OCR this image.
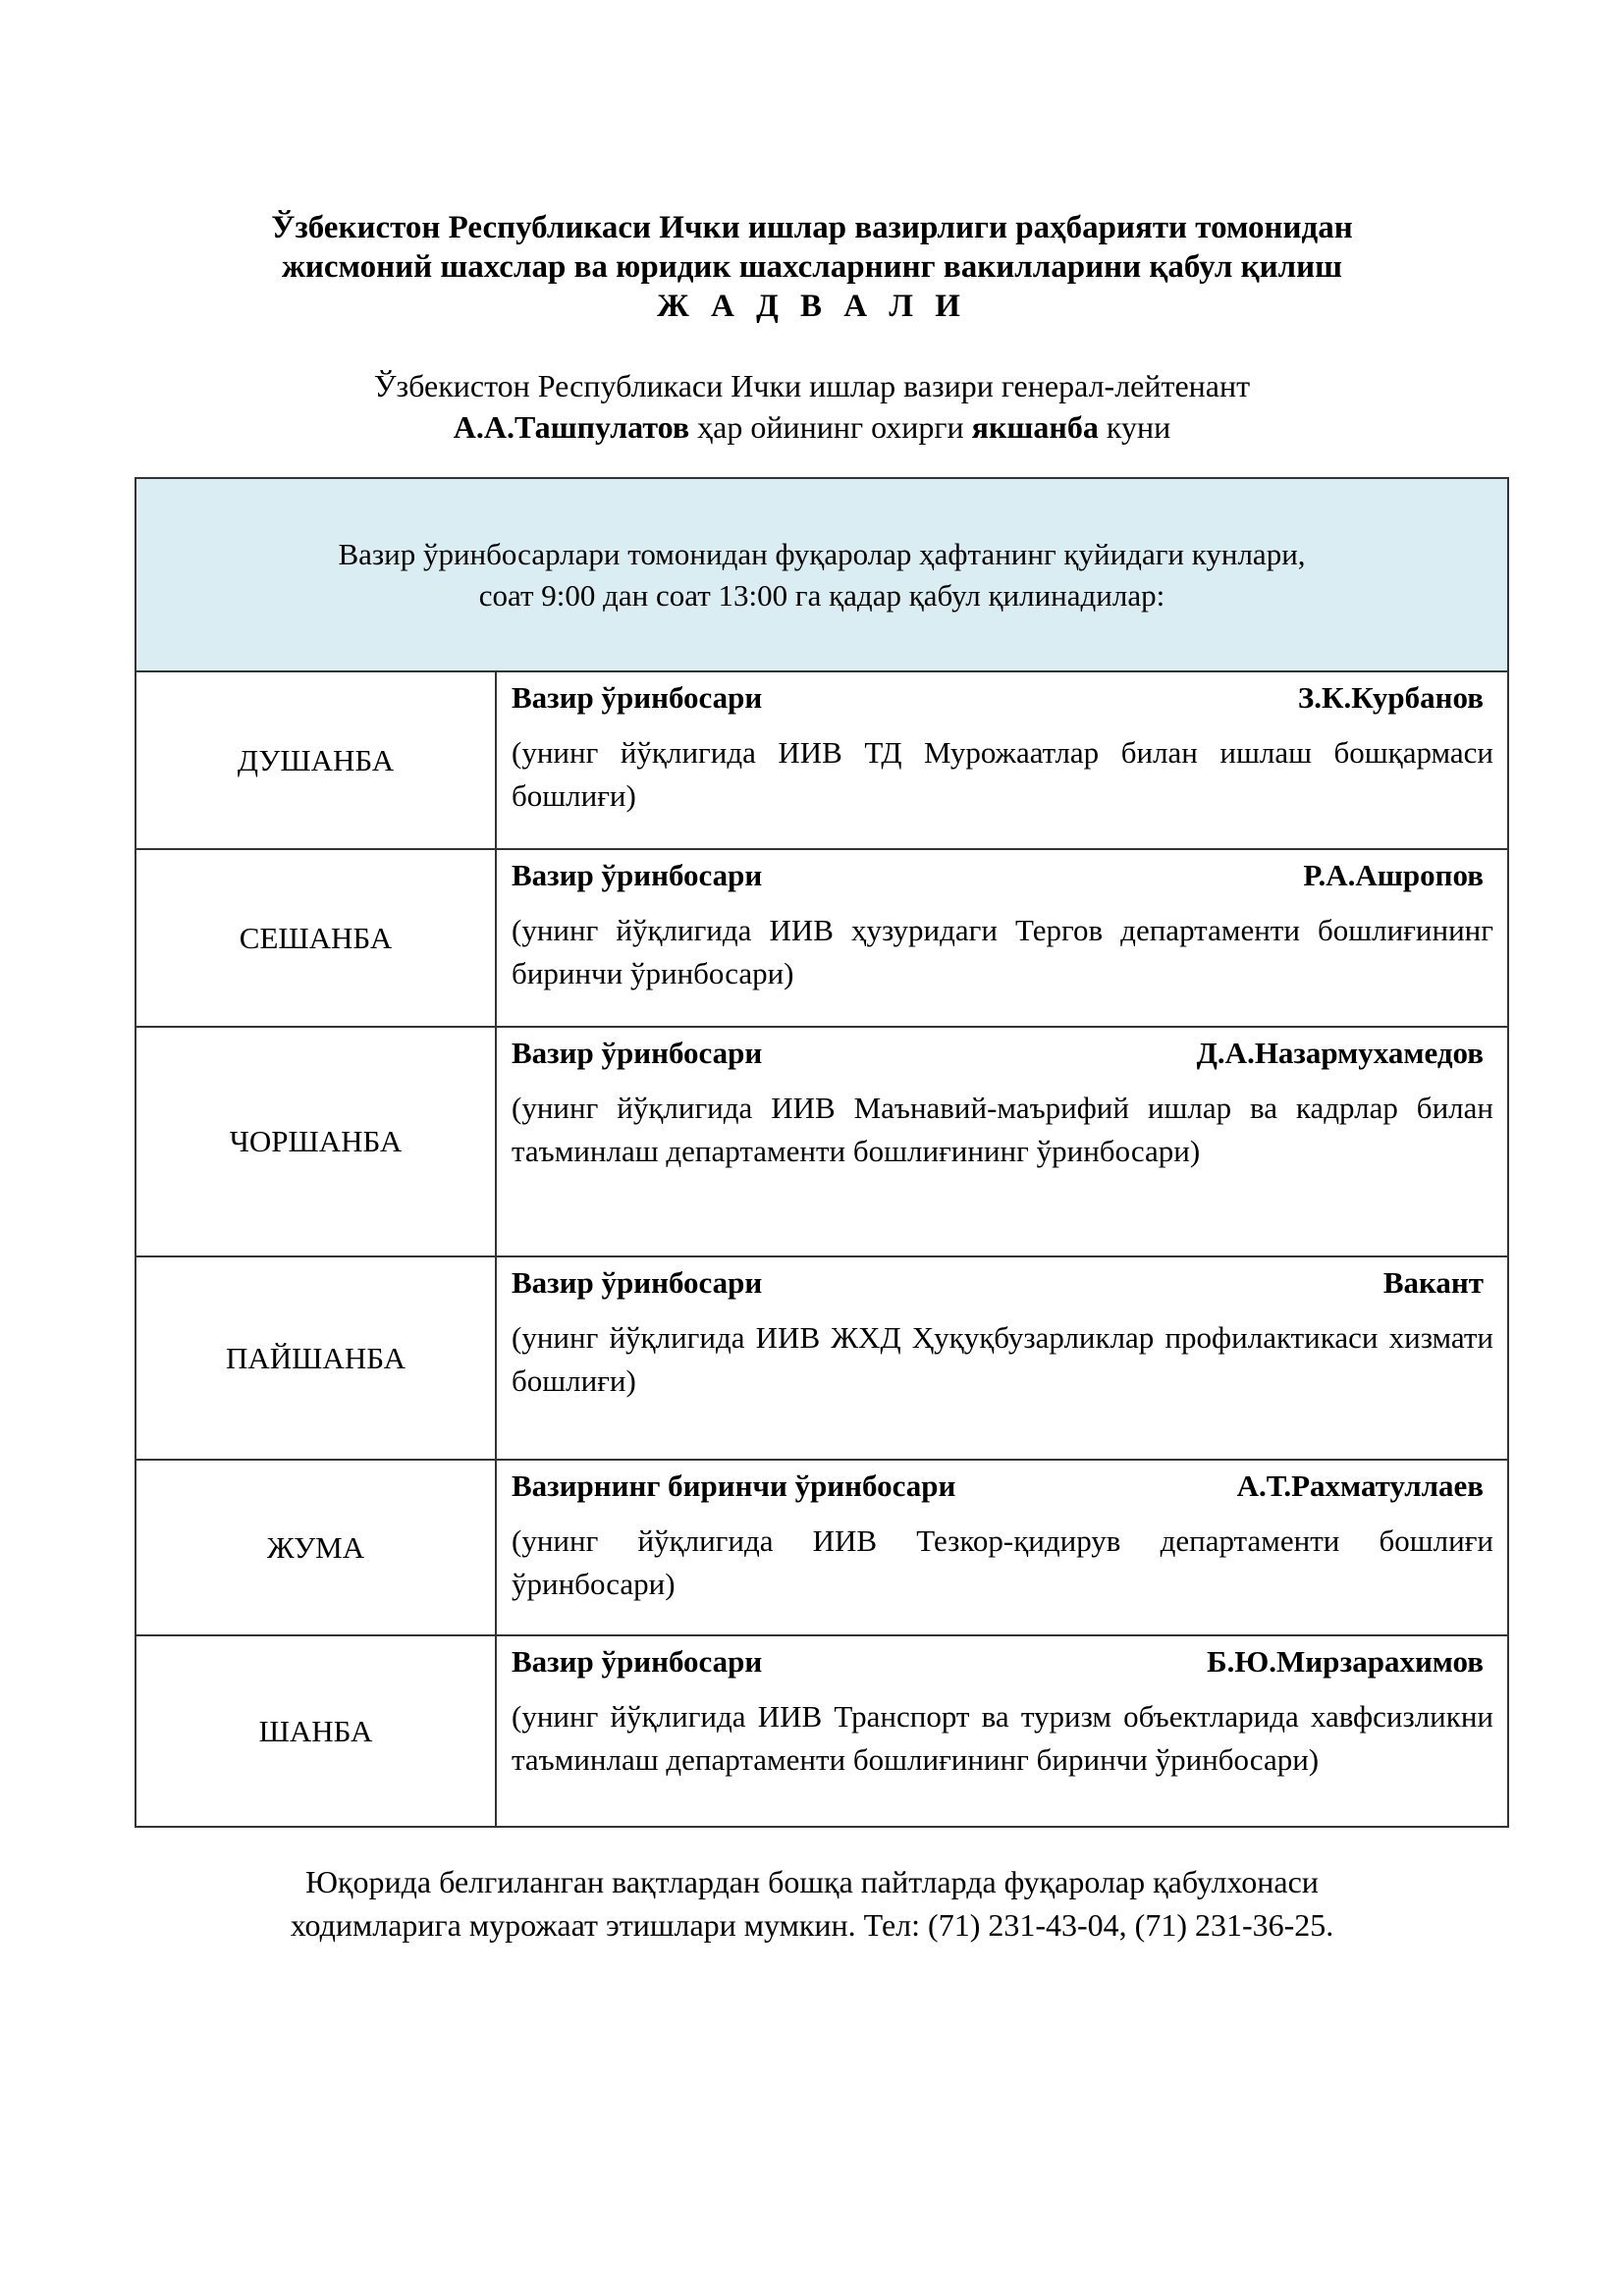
Ўзбекистон Республикаси Ички ишлар вазирлиги раҳбарияти томонидан
жисмоний шахслар ва юридик шахсларнинг вакилларини қабул қилиш
Ж А Д В А Л И
Ўзбекистон Республикаси Ички ишлар вазири генерал-лейтенант
А.А.Ташпулатов ҳар ойининг охирги якшанба куни
Вазир ўринбосарлари томонидан фуқаролар ҳафтанинг қуйидаги кунлари,
соат 9:00 дан соат 13:00 га қадар қабул қилинадилар:	

ДУШАНБА	Вазир ўринбосари З.К.Курбанов
(унинг йўқлигида ИИВ ТД Мурожаатлар билан ишлаш бошқармаси бошлиғи)

СЕШАНБА	Вазир ўринбосари Р.А.Ашропов
(унинг йўқлигида ИИВ ҳузуридаги Тергов департаменти бошлиғининг биринчи ўринбосари)

ЧОРШАНБА	Вазир ўринбосари Д.А.Назармухамедов
(унинг йўқлигида ИИВ Маънавий-маърифий ишлар ва кадрлар билан таъминлаш департаменти бошлиғининг ўринбосари)

ПАЙШАНБА	Вазир ўринбосари Вакант
(унинг йўқлигида ИИВ ЖХД Ҳуқуқбузарликлар профилактикаси хизмати бошлиғи)

ЖУМА	Вазирнинг биринчи ўринбосари А.Т.Рахматуллаев
(унинг йўқлигида ИИВ Тезкор-қидирув департаменти бошлиғи ўринбосари)

ШАНБА	Вазир ўринбосари Б.Ю.Мирзарахимов
(унинг йўқлигида ИИВ Транспорт ва туризм объектларида хавфсизликни таъминлаш департаменти бошлиғининг биринчи ўринбосари)
Юқорида белгиланган вақтлардан бошқа пайтларда фуқаролар қабулхонаси
ходимларига мурожаат этишлари мумкин. Тел: (71) 231-43-04, (71) 231-36-25.
